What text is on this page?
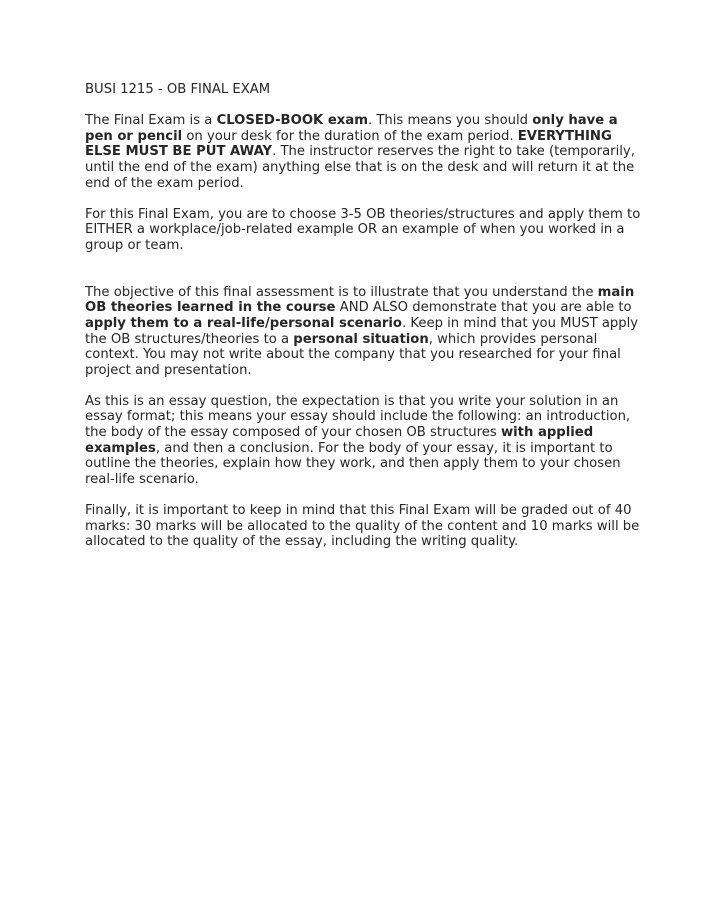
BUSI 1215 - OB FINAL EXAM

The Final Exam is a CLOSED-BOOK exam. This means you should only have a pen or pencil on your desk for the duration of the exam period. EVERYTHING ELSE MUST BE PUT AWAY. The instructor reserves the right to take (temporarily, until the end of the exam) anything else that is on the desk and will return it at the end of the exam period.

For this Final Exam, you are to choose 3-5 OB theories/structures and apply them to EITHER a workplace/job-related example OR an example of when you worked in a group or team.

The objective of this final assessment is to illustrate that you understand the main OB theories learned in the course AND ALSO demonstrate that you are able to apply them to a real-life/personal scenario. Keep in mind that you MUST apply the OB structures/theories to a personal situation, which provides personal context. You may not write about the company that you researched for your final project and presentation.

As this is an essay question, the expectation is that you write your solution in an essay format; this means your essay should include the following: an introduction, the body of the essay composed of your chosen OB structures with applied examples, and then a conclusion. For the body of your essay, it is important to outline the theories, explain how they work, and then apply them to your chosen real-life scenario.

Finally, it is important to keep in mind that this Final Exam will be graded out of 40 marks: 30 marks will be allocated to the quality of the content and 10 marks will be allocated to the quality of the essay, including the writing quality.
